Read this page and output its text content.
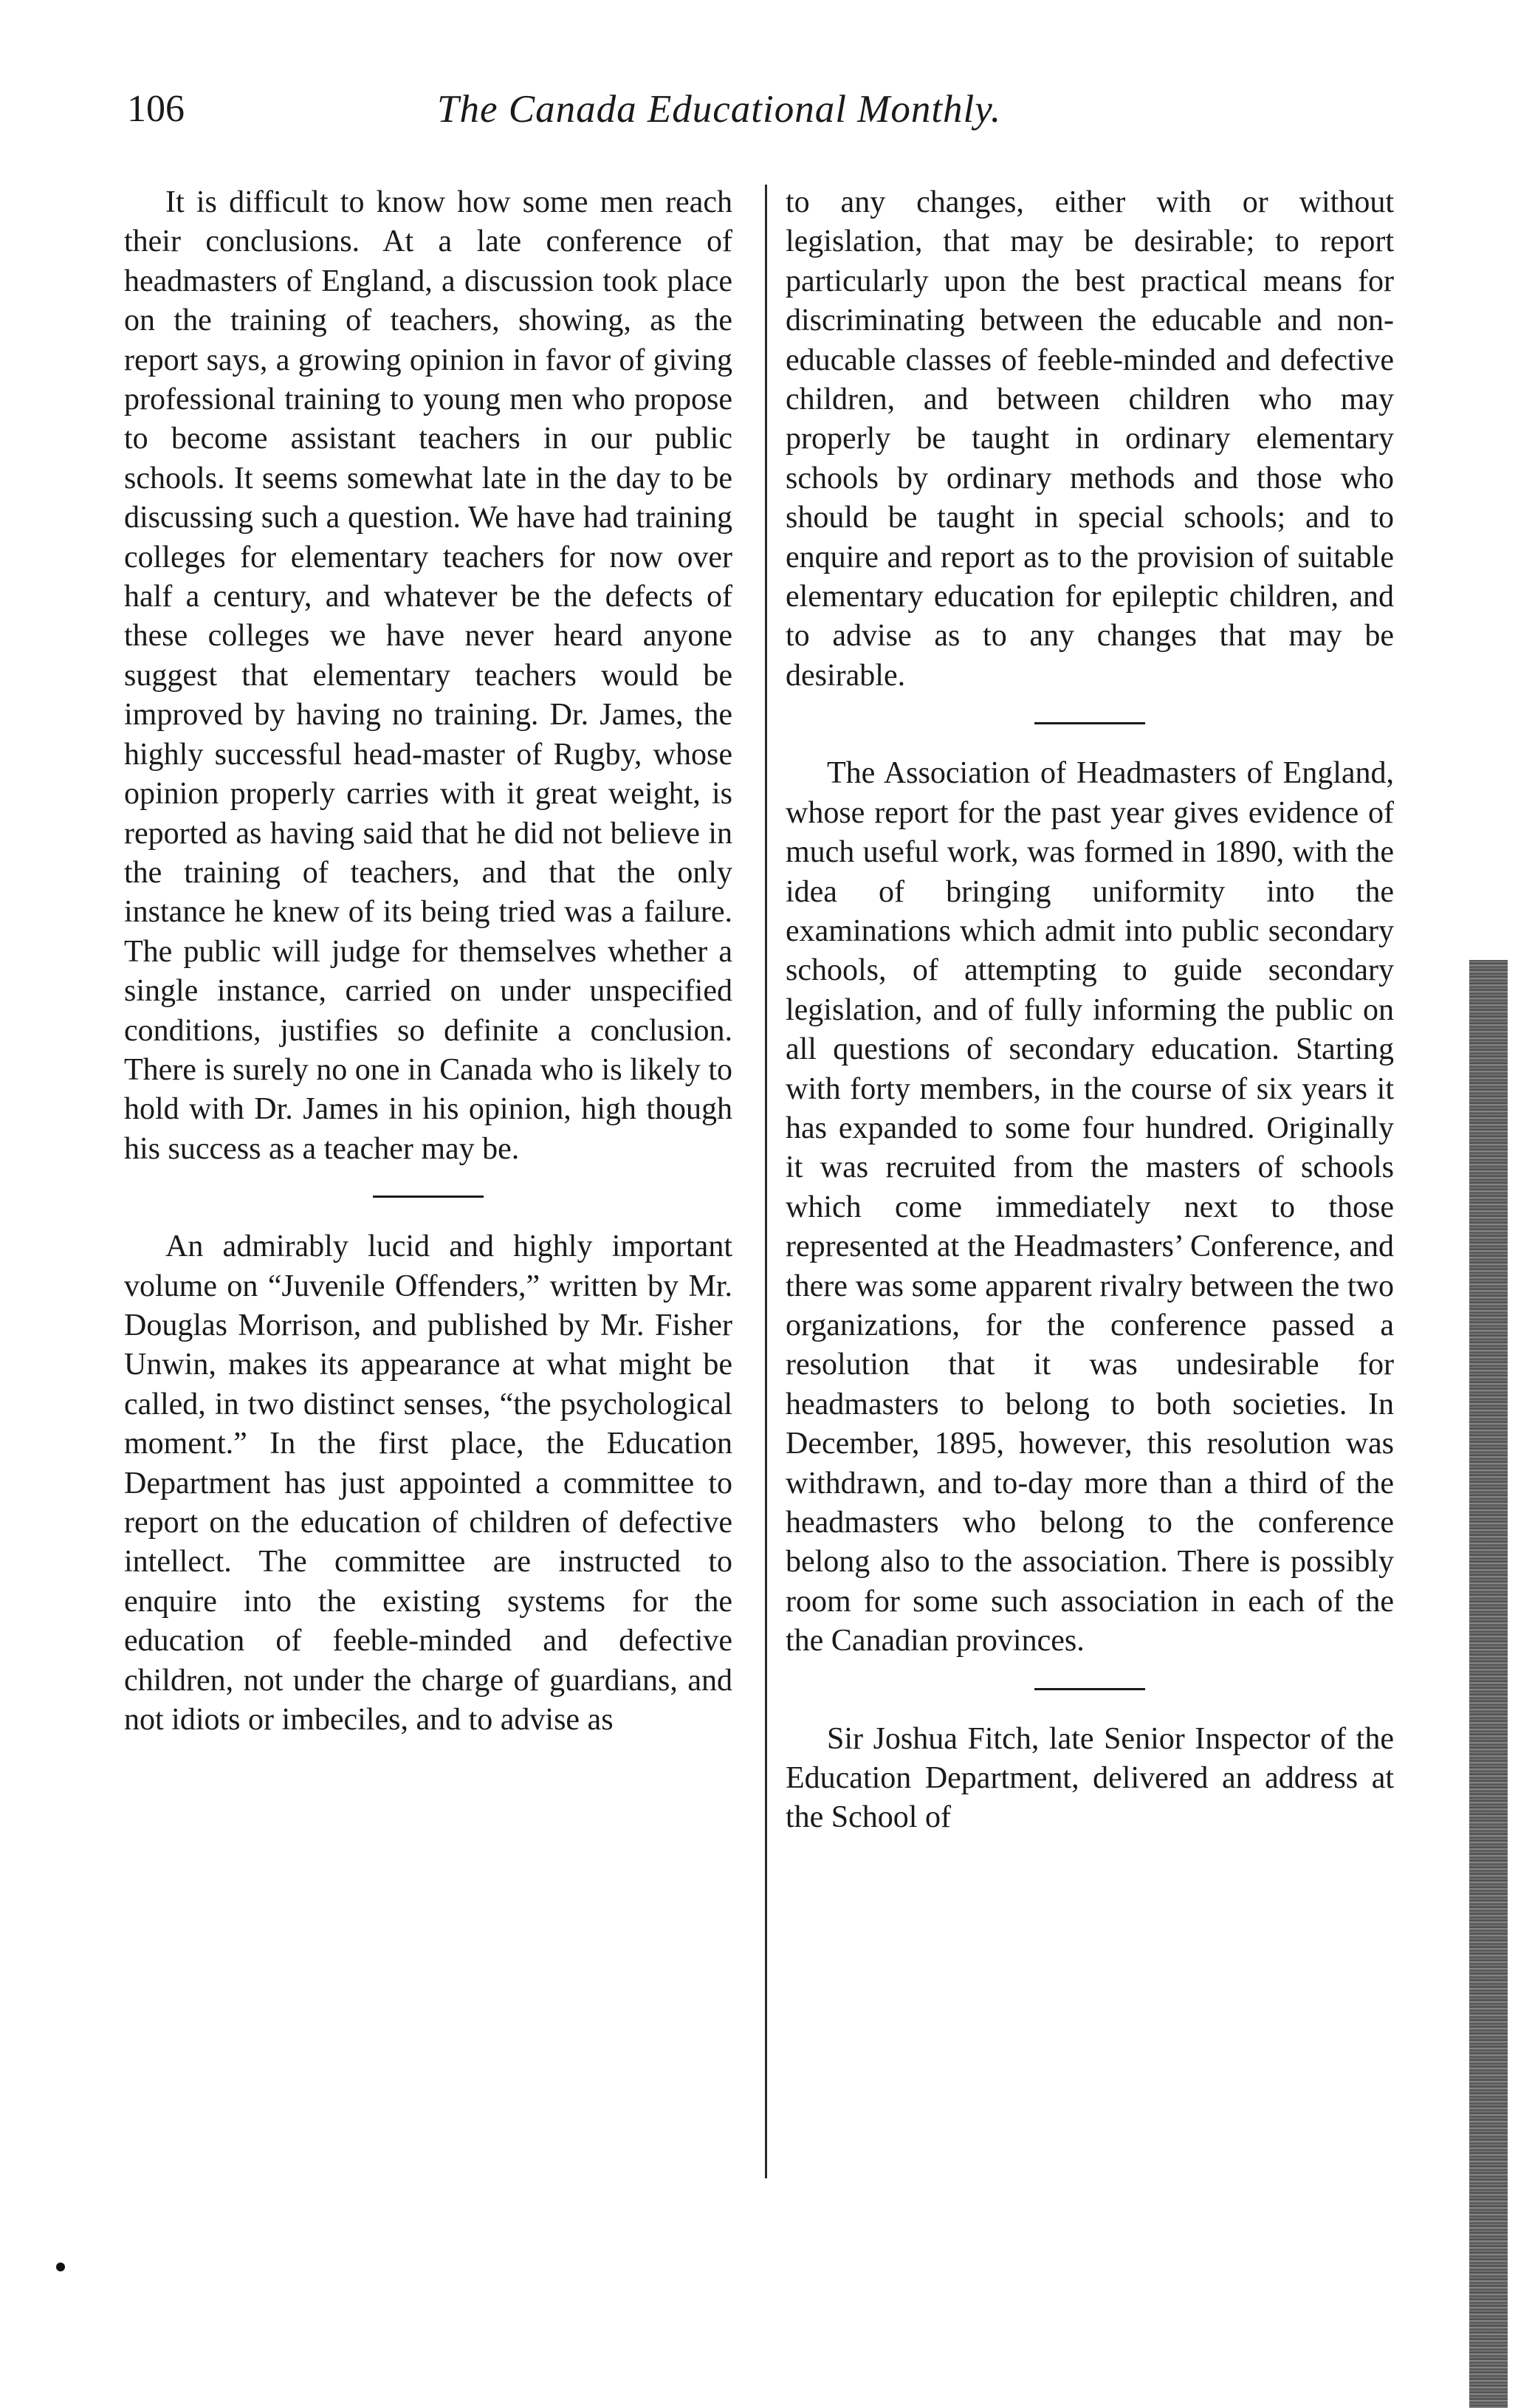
106	The Canada Educational Monthly.

It is difficult to know how some men reach their conclusions. At a late conference of headmasters of England, a discussion took place on the training of teachers, showing, as the report says, a growing opinion in favor of giving professional training to young men who propose to become assistant teachers in our public schools. It seems somewhat late in the day to be discussing such a question. We have had training colleges for elementary teachers for now over half a century, and whatever be the defects of these colleges we have never heard anyone suggest that elementary teachers would be improved by having no training. Dr. James, the highly successful head-master of Rugby, whose opinion properly carries with it great weight, is reported as having said that he did not believe in the training of teachers, and that the only instance he knew of its being tried was a failure. The public will judge for themselves whether a single instance, carried on under unspecified conditions, justifies so definite a conclusion. There is surely no one in Canada who is likely to hold with Dr. James in his opinion, high though his success as a teacher may be.

An admirably lucid and highly important volume on “Juvenile Offenders,” written by Mr. Douglas Morrison, and published by Mr. Fisher Unwin, makes its appearance at what might be called, in two distinct senses, “the psychological moment.” In the first place, the Education Department has just appointed a committee to report on the education of children of defective intellect. The committee are instructed to enquire into the existing systems for the education of feeble-minded and defective children, not under the charge of guardians, and not idiots or imbeciles, and to advise as

to any changes, either with or without legislation, that may be desirable; to report particularly upon the best practical means for discriminating between the educable and non-educable classes of feeble-minded and defective children, and between children who may properly be taught in ordinary elementary schools by ordinary methods and those who should be taught in special schools; and to enquire and report as to the provision of suitable elementary education for epileptic children, and to advise as to any changes that may be desirable.

The Association of Headmasters of England, whose report for the past year gives evidence of much useful work, was formed in 1890, with the idea of bringing uniformity into the examinations which admit into public secondary schools, of attempting to guide secondary legislation, and of fully informing the public on all questions of secondary education. Starting with forty members, in the course of six years it has expanded to some four hundred. Originally it was recruited from the masters of schools which come immediately next to those represented at the Headmasters’ Conference, and there was some apparent rivalry between the two organizations, for the conference passed a resolution that it was undesirable for headmasters to belong to both societies. In December, 1895, however, this resolution was withdrawn, and to-day more than a third of the headmasters who belong to the conference belong also to the association. There is possibly room for some such association in each of the the Canadian provinces.

Sir Joshua Fitch, late Senior Inspector of the Education Department, delivered an address at the School of
